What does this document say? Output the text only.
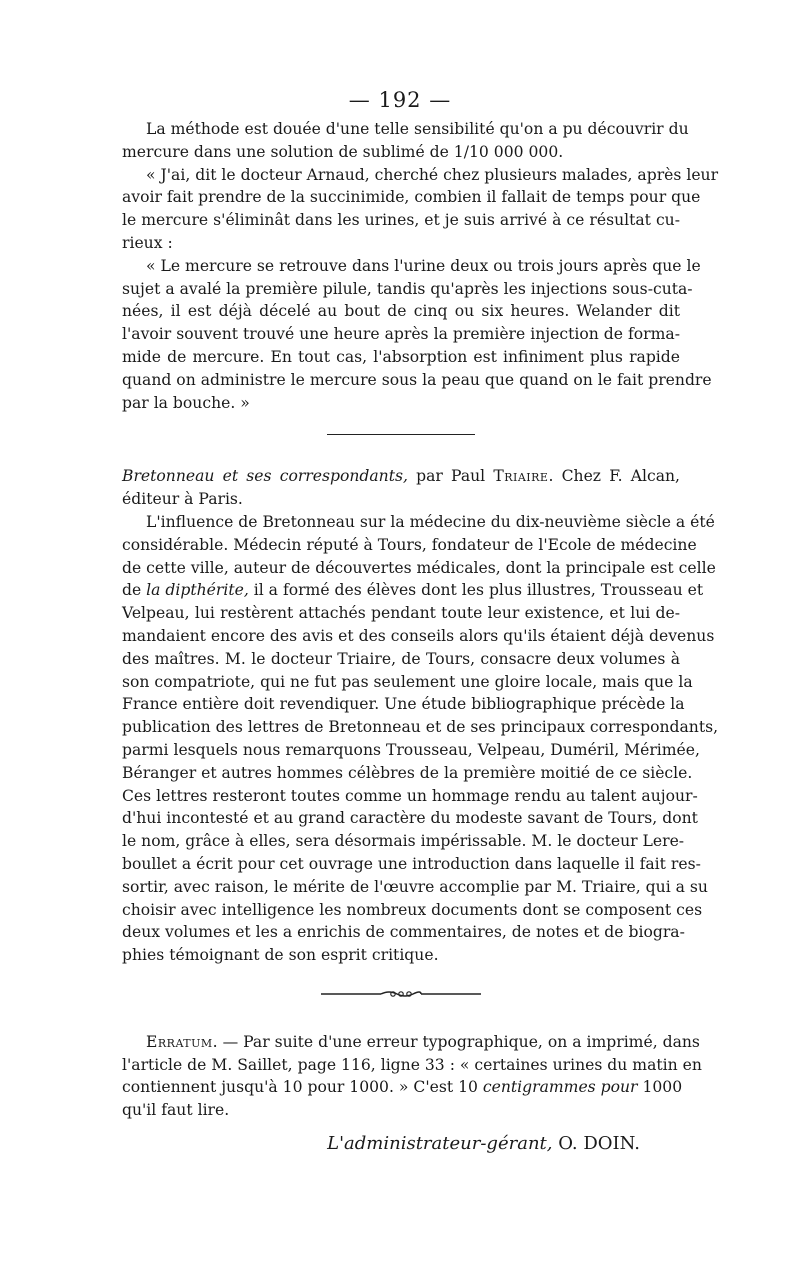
— 192 —
La méthode est douée d'une telle sensibilité qu'on a pu découvrir du
mercure dans une solution de sublimé de 1/10 000 000.
« J'ai, dit le docteur Arnaud, cherché chez plusieurs malades, après leur
avoir fait prendre de la succinimide, combien il fallait de temps pour que
le mercure s'éliminât dans les urines, et je suis arrivé à ce résultat cu-
rieux :
« Le mercure se retrouve dans l'urine deux ou trois jours après que le
sujet a avalé la première pilule, tandis qu'après les injections sous-cuta-
nées, il est déjà décelé au bout de cinq ou six heures. Welander dit
l'avoir souvent trouvé une heure après la première injection de forma-
mide de mercure. En tout cas, l'absorption est infiniment plus rapide
quand on administre le mercure sous la peau que quand on le fait prendre
par la bouche. »
Bretonneau et ses correspondants, par Paul Triaire. Chez F. Alcan,
éditeur à Paris.
L'influence de Bretonneau sur la médecine du dix-neuvième siècle a été
considérable. Médecin réputé à Tours, fondateur de l'Ecole de médecine
de cette ville, auteur de découvertes médicales, dont la principale est celle
de la dipthérite, il a formé des élèves dont les plus illustres, Trousseau et
Velpeau, lui restèrent attachés pendant toute leur existence, et lui de-
mandaient encore des avis et des conseils alors qu'ils étaient déjà devenus
des maîtres. M. le docteur Triaire, de Tours, consacre deux volumes à
son compatriote, qui ne fut pas seulement une gloire locale, mais que la
France entière doit revendiquer. Une étude bibliographique précède la
publication des lettres de Bretonneau et de ses principaux correspondants,
parmi lesquels nous remarquons Trousseau, Velpeau, Duméril, Mérimée,
Béranger et autres hommes célèbres de la première moitié de ce siècle.
Ces lettres resteront toutes comme un hommage rendu au talent aujour-
d'hui incontesté et au grand caractère du modeste savant de Tours, dont
le nom, grâce à elles, sera désormais impérissable. M. le docteur Lere-
boullet a écrit pour cet ouvrage une introduction dans laquelle il fait res-
sortir, avec raison, le mérite de l'œuvre accomplie par M. Triaire, qui a su
choisir avec intelligence les nombreux documents dont se composent ces
deux volumes et les a enrichis de commentaires, de notes et de biogra-
phies témoignant de son esprit critique.
Erratum. — Par suite d'une erreur typographique, on a imprimé, dans
l'article de M. Saillet, page 116, ligne 33 : « certaines urines du matin en
contiennent jusqu'à 10 pour 1000. » C'est 10 centigrammes pour 1000
qu'il faut lire.
L'administrateur-gérant, O. DOIN.
